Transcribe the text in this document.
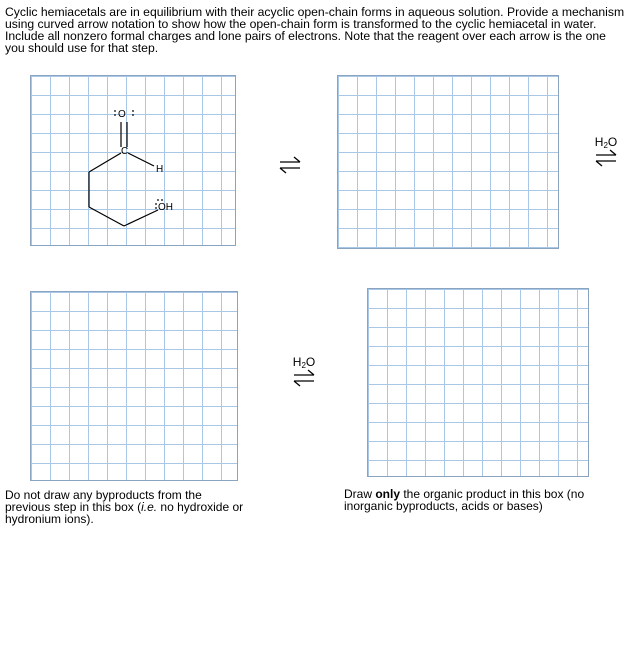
Cyclic hemiacetals are in equilibrium with their acyclic open-chain forms in aqueous solution. Provide a mechanism using curved arrow notation to show how the open-chain form is transformed to the cyclic hemiacetal in water. Include all nonzero formal charges and lone pairs of electrons. Note that the reagent over each arrow is the one you should use for that step.

O
C
H
OH
$H_2O$
$H_2O$
Do not draw any byproducts from the
previous step in this box (i.e. no hydroxide or
hydronium ions).
Draw only the organic product in this box (no
inorganic byproducts, acids or bases)
